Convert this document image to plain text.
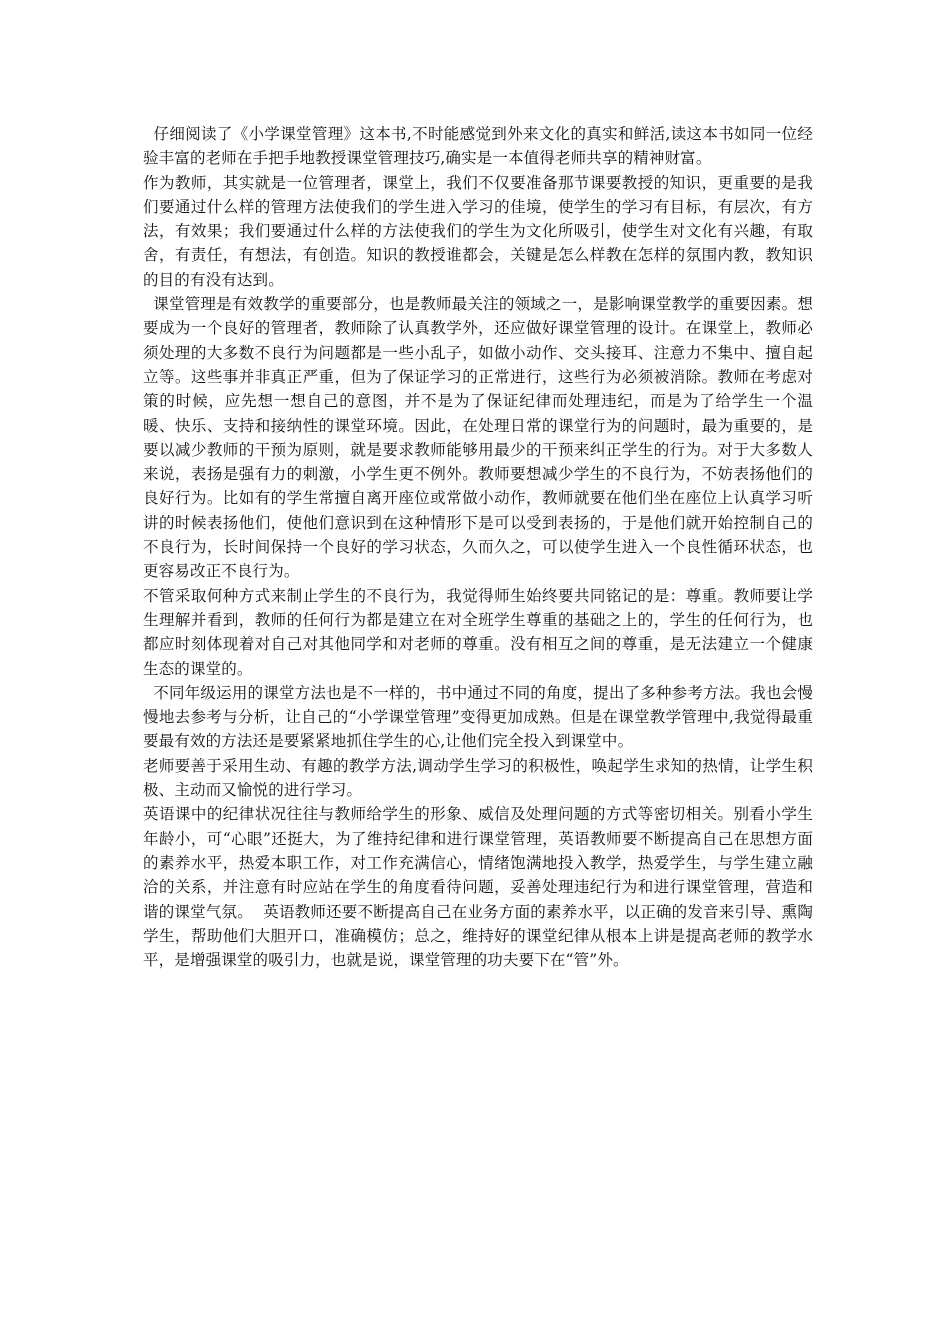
仔细阅读了《小学课堂管理》这本书,不时能感觉到外来文化的真实和鲜活,读这本书如同一位经验丰富的老师在手把手地教授课堂管理技巧,确实是一本值得老师共享的精神财富。

作为教师，其实就是一位管理者，课堂上，我们不仅要准备那节课要教授的知识，更重要的是我们要通过什么样的管理方法使我们的学生进入学习的佳境，使学生的学习有目标，有层次，有方法，有效果；我们要通过什么样的方法使我们的学生为文化所吸引，使学生对文化有兴趣，有取舍，有责任，有想法，有创造。知识的教授谁都会，关键是怎么样教在怎样的氛围内教，教知识的目的有没有达到。

课堂管理是有效教学的重要部分，也是教师最关注的领域之一，是影响课堂教学的重要因素。想要成为一个良好的管理者，教师除了认真教学外，还应做好课堂管理的设计。在课堂上，教师必须处理的大多数不良行为问题都是一些小乱子，如做小动作、交头接耳、注意力不集中、擅自起立等。这些事并非真正严重，但为了保证学习的正常进行，这些行为必须被消除。教师在考虑对策的时候，应先想一想自己的意图，并不是为了保证纪律而处理违纪，而是为了给学生一个温暖、快乐、支持和接纳性的课堂环境。因此，在处理日常的课堂行为的问题时，最为重要的，是要以减少教师的干预为原则，就是要求教师能够用最少的干预来纠正学生的行为。对于大多数人来说，表扬是强有力的刺激，小学生更不例外。教师要想减少学生的不良行为，不妨表扬他们的良好行为。比如有的学生常擅自离开座位或常做小动作，教师就要在他们坐在座位上认真学习听讲的时候表扬他们，使他们意识到在这种情形下是可以受到表扬的，于是他们就开始控制自己的不良行为，长时间保持一个良好的学习状态，久而久之，可以使学生进入一个良性循环状态，也更容易改正不良行为。

不管采取何种方式来制止学生的不良行为，我觉得师生始终要共同铭记的是：尊重。教师要让学生理解并看到，教师的任何行为都是建立在对全班学生尊重的基础之上的，学生的任何行为，也都应时刻体现着对自己对其他同学和对老师的尊重。没有相互之间的尊重，是无法建立一个健康生态的课堂的。

不同年级运用的课堂方法也是不一样的，书中通过不同的角度，提出了多种参考方法。我也会慢慢地去参考与分析，让自己的“小学课堂管理”变得更加成熟。但是在课堂教学管理中,我觉得最重要最有效的方法还是要紧紧地抓住学生的心,让他们完全投入到课堂中。

老师要善于采用生动、有趣的教学方法,调动学生学习的积极性，唤起学生求知的热情，让学生积极、主动而又愉悦的进行学习。

英语课中的纪律状况往往与教师给学生的形象、威信及处理问题的方式等密切相关。别看小学生年龄小，可“心眼”还挺大，为了维持纪律和进行课堂管理，英语教师要不断提高自己在思想方面的素养水平，热爱本职工作，对工作充满信心，情绪饱满地投入教学，热爱学生，与学生建立融洽的关系，并注意有时应站在学生的角度看待问题，妥善处理违纪行为和进行课堂管理，营造和谐的课堂气氛。  英语教师还要不断提高自己在业务方面的素养水平，以正确的发音来引导、熏陶学生，帮助他们大胆开口，准确模仿；总之，维持好的课堂纪律从根本上讲是提高老师的教学水平，是增强课堂的吸引力，也就是说，课堂管理的功夫要下在“管”外。
